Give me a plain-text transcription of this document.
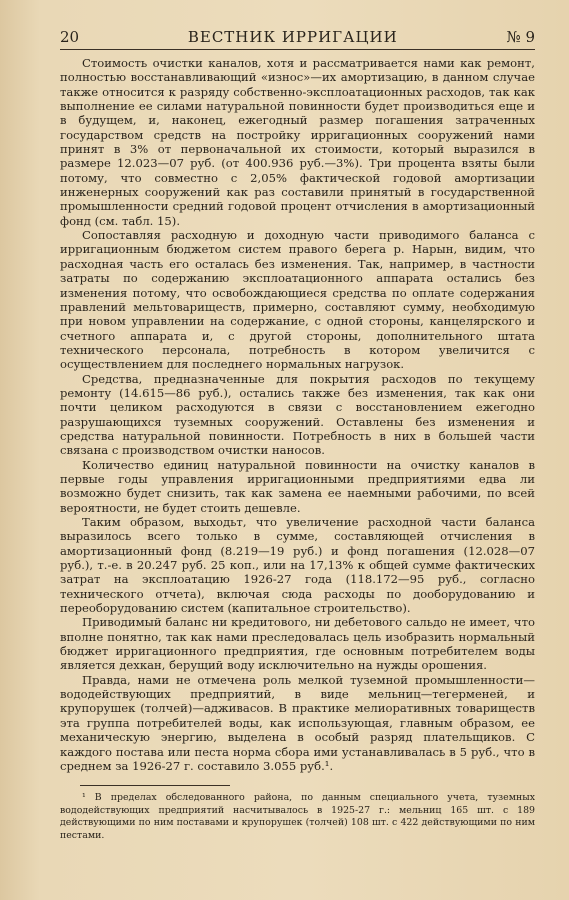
20	ВЕСТНИК ИРРИГАЦИИ	№ 9

Стоимость очистки каналов, хотя и рассматривается нами как ремонт, полностью восстанавливающий «износ»—их амортизацию, в данном случае также относится к разряду собственно-эксплоатационных расходов, так как выполнение ее силами натуральной повинности будет производиться еще и в будущем, и, наконец, ежегодный размер погашения затраченных государством средств на постройку ирригационных сооружений нами принят в 3% от первоначальной их стоимости, который выразился в размере 12.023—07 руб. (от 400.936 руб.—3%). Три процента взяты были потому, что совместно с 2,05% фактической годовой амортизации инженерных сооружений как раз составили принятый в государственной промышленности средний годовой процент отчисления в амортизационный фонд (см. табл. 15).

Сопоставляя расходную и доходную части приводимого баланса с ирригационным бюджетом систем правого берега р. Нарын, видим, что расходная часть его осталась без изменения. Так, например, в частности затраты по содержанию эксплоатационного аппарата остались без изменения потому, что освобождающиеся средства по оплате содержания правлений мельтовариществ, примерно, составляют сумму, необходимую при новом управлении на содержание, с одной стороны, канцелярского и счетного аппарата и, с другой стороны, дополнительного штата технического персонала, потребность в котором увеличится с осуществлением для последнего нормальных нагрузок.

Средства, предназначенные для покрытия расходов по текущему ремонту (14.615—86 руб.), остались также без изменения, так как они почти целиком расходуются в связи с восстановлением ежегодно разрушающихся туземных сооружений. Оставлены без изменения и средства натуральной повинности. Потребность в них в большей части связана с производством очистки наносов.

Количество единиц натуральной повинности на очистку каналов в первые годы управления ирригационными предприятиями едва ли возможно будет снизить, так как замена ее наемными рабочими, по всей вероятности, не будет стоить дешевле.

Таким образом, выходьт, что увеличение расходной части баланса выразилось всего только в сумме, составляющей отчисления в амортизационный фонд (8.219—19 руб.) и фонд погашения (12.028—07 руб.), т.-е. в 20.247 руб. 25 коп., или на 17,13% к общей сумме фактических затрат на эксплоатацию 1926-27 года (118.172—95 руб., согласно технического отчета), включая сюда расходы по дооборудованию и переоборудованию систем (капитальное строительство).

Приводимый баланс ни кредитового, ни дебетового сальдо не имеет, что вполне понятно, так как нами преследовалась цель изобразить нормальный бюджет ирригационного предприятия, где основным потребителем воды является дехкан, берущий воду исключительно на нужды орошения.

Правда, нами не отмечена роль мелкой туземной промышленности—вододействующих предприятий, в виде мельниц—тегерменей, и крупорушек (толчей)—адживасов. В практике мелиоративных товариществ эта группа потребителей воды, как использующая, главным образом, ее механическую энергию, выделена в особый разряд плательщиков. С каждого постава или песта норма сбора ими устанавливалась в 5 руб., что в среднем за 1926-27 г. составило 3.055 руб.¹.

¹ В пределах обследованного района, по данным специального учета, туземных вододействующих предприятий насчитывалось в 1925-27 г.: мельниц 165 шт. с 189 действующими по ним поставами и крупорушек (толчей) 108 шт. с 422 действующими по ним пестами.
